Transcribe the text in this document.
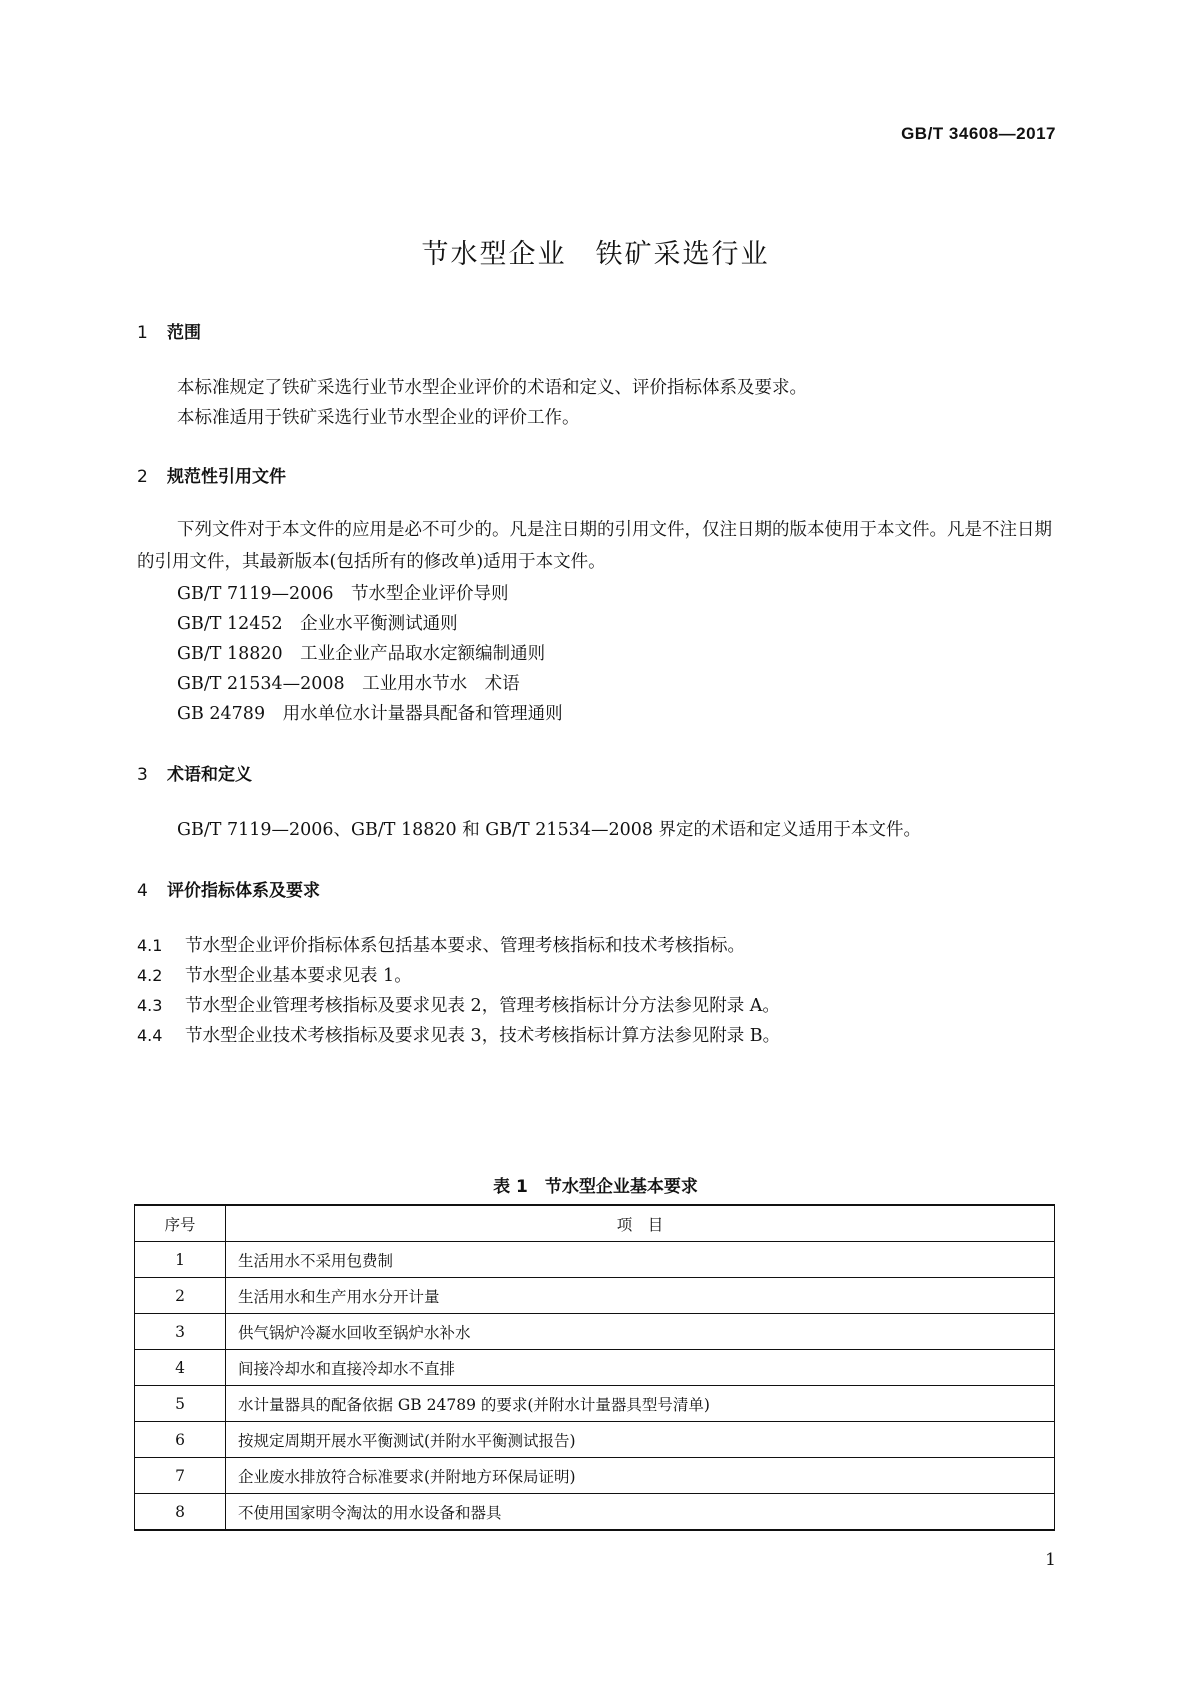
GB/T 34608—2017
节水型企业　铁矿采选行业
1 范围
本标准规定了铁矿采选行业节水型企业评价的术语和定义、评价指标体系及要求。
本标准适用于铁矿采选行业节水型企业的评价工作。
2 规范性引用文件
下列文件对于本文件的应用是必不可少的。凡是注日期的引用文件，仅注日期的版本使用于本文件。凡是不注日期的引用文件，其最新版本(包括所有的修改单)适用于本文件。
GB/T 7119—2006　节水型企业评价导则
GB/T 12452　企业水平衡测试通则
GB/T 18820　工业企业产品取水定额编制通则
GB/T 21534—2008　工业用水节水　术语
GB 24789　用水单位水计量器具配备和管理通则
3 术语和定义
GB/T 7119—2006、GB/T 18820 和 GB/T 21534—2008 界定的术语和定义适用于本文件。
4 评价指标体系及要求
4.1 节水型企业评价指标体系包括基本要求、管理考核指标和技术考核指标。
4.2 节水型企业基本要求见表 1。
4.3 节水型企业管理考核指标及要求见表 2，管理考核指标计分方法参见附录 A。
4.4 节水型企业技术考核指标及要求见表 3，技术考核指标计算方法参见附录 B。
表 1　节水型企业基本要求
序号	项　目
1	生活用水不采用包费制
2	生活用水和生产用水分开计量
3	供气锅炉冷凝水回收至锅炉水补水
4	间接冷却水和直接冷却水不直排
5	水计量器具的配备依据 GB 24789 的要求(并附水计量器具型号清单)
6	按规定周期开展水平衡测试(并附水平衡测试报告)
7	企业废水排放符合标准要求(并附地方环保局证明)
8	不使用国家明令淘汰的用水设备和器具
1
